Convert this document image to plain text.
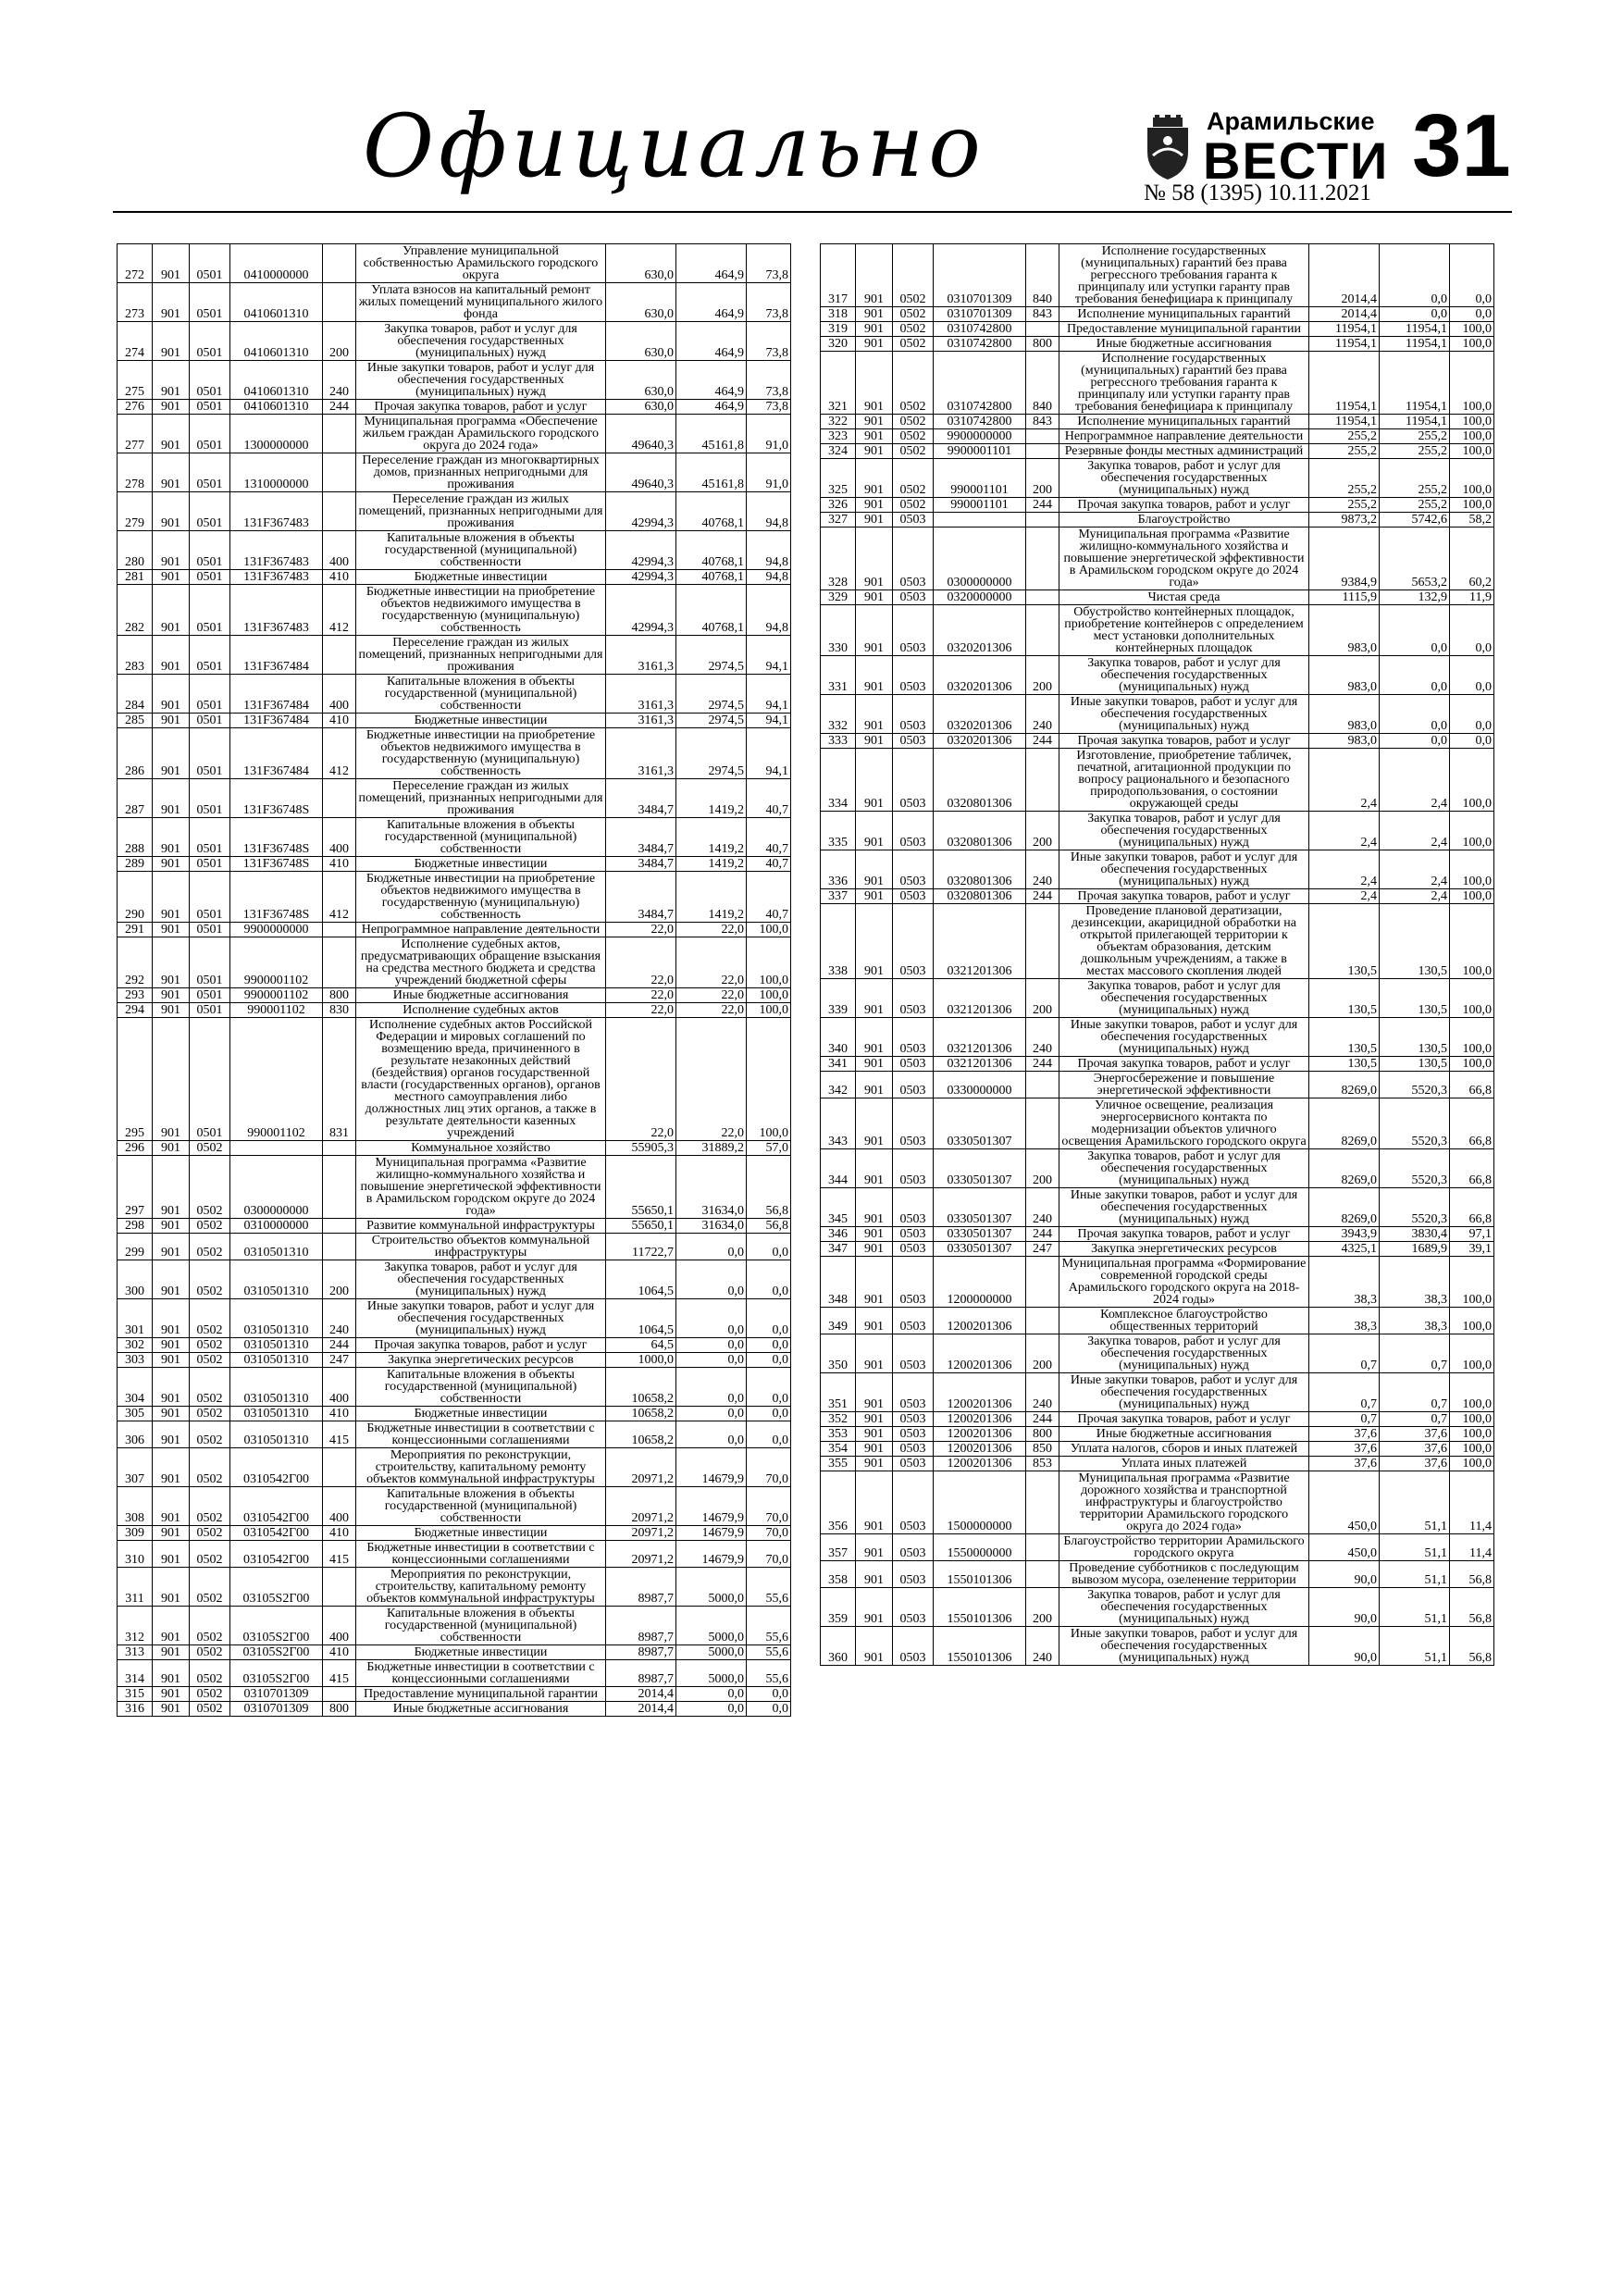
Официально	Арамильские
ВЕСТИ
№ 58 (1395) 10.11.2021 31
272	901	0501	0410000000		Управление муниципальной собственностью Арамильского городского округа	630,0	464,9	73,8
273	901	0501	0410601310		Уплата взносов на капитальный ремонт жилых помещений муниципального жилого фонда	630,0	464,9	73,8
274	901	0501	0410601310	200	Закупка товаров, работ и услуг для обеспечения государственных (муниципальных) нужд	630,0	464,9	73,8
275	901	0501	0410601310	240	Иные закупки товаров, работ и услуг для обеспечения государственных (муниципальных) нужд	630,0	464,9	73,8
276	901	0501	0410601310	244	Прочая закупка товаров, работ и услуг	630,0	464,9	73,8
277	901	0501	1300000000		Муниципальная программа «Обеспечение жильем граждан Арамильского городского округа до 2024 года»	49640,3	45161,8	91,0
278	901	0501	1310000000		Переселение граждан из многоквартирных домов, признанных непригодными для проживания	49640,3	45161,8	91,0
279	901	0501	131F367483		Переселение граждан из жилых помещений, признанных непригодными для проживания	42994,3	40768,1	94,8
280	901	0501	131F367483	400	Капитальные вложения в объекты государственной (муниципальной) собственности	42994,3	40768,1	94,8
281	901	0501	131F367483	410	Бюджетные инвестиции	42994,3	40768,1	94,8
282	901	0501	131F367483	412	Бюджетные инвестиции на приобретение объектов недвижимого имущества в государственную (муниципальную) собственность	42994,3	40768,1	94,8
283	901	0501	131F367484		Переселение граждан из жилых помещений, признанных непригодными для проживания	3161,3	2974,5	94,1
284	901	0501	131F367484	400	Капитальные вложения в объекты государственной (муниципальной) собственности	3161,3	2974,5	94,1
285	901	0501	131F367484	410	Бюджетные инвестиции	3161,3	2974,5	94,1
286	901	0501	131F367484	412	Бюджетные инвестиции на приобретение объектов недвижимого имущества в государственную (муниципальную) собственность	3161,3	2974,5	94,1
287	901	0501	131F36748S		Переселение граждан из жилых помещений, признанных непригодными для проживания	3484,7	1419,2	40,7
288	901	0501	131F36748S	400	Капитальные вложения в объекты государственной (муниципальной) собственности	3484,7	1419,2	40,7
289	901	0501	131F36748S	410	Бюджетные инвестиции	3484,7	1419,2	40,7
290	901	0501	131F36748S	412	Бюджетные инвестиции на приобретение объектов недвижимого имущества в государственную (муниципальную) собственность	3484,7	1419,2	40,7
291	901	0501	9900000000		Непрограммное направление деятельности	22,0	22,0	100,0
292	901	0501	9900001102		Исполнение судебных актов, предусматривающих обращение взыскания на средства местного бюджета и средства учреждений бюджетной сферы	22,0	22,0	100,0
293	901	0501	9900001102	800	Иные бюджетные ассигнования	22,0	22,0	100,0
294	901	0501	990001102	830	Исполнение судебных актов	22,0	22,0	100,0
295	901	0501	990001102	831	Исполнение судебных актов Российской Федерации и мировых соглашений по возмещению вреда, причиненного в результате незаконных действий (бездействия) органов государственной власти (государственных органов), органов местного самоуправления либо должностных лиц этих органов, а также в результате деятельности казенных учреждений	22,0	22,0	100,0
296	901	0502			Коммунальное хозяйство	55905,3	31889,2	57,0
297	901	0502	0300000000		Муниципальная программа «Развитие жилищно-коммунального хозяйства и повышение энергетической эффективности в Арамильском городском округе до 2024 года»	55650,1	31634,0	56,8
298	901	0502	0310000000		Развитие коммунальной инфраструктуры	55650,1	31634,0	56,8
299	901	0502	0310501310		Строительство объектов коммунальной инфраструктуры	11722,7	0,0	0,0
300	901	0502	0310501310	200	Закупка товаров, работ и услуг для обеспечения государственных (муниципальных) нужд	1064,5	0,0	0,0
301	901	0502	0310501310	240	Иные закупки товаров, работ и услуг для обеспечения государственных (муниципальных) нужд	1064,5	0,0	0,0
302	901	0502	0310501310	244	Прочая закупка товаров, работ и услуг	64,5	0,0	0,0
303	901	0502	0310501310	247	Закупка энергетических ресурсов	1000,0	0,0	0,0
304	901	0502	0310501310	400	Капитальные вложения в объекты государственной (муниципальной) собственности	10658,2	0,0	0,0
305	901	0502	0310501310	410	Бюджетные инвестиции	10658,2	0,0	0,0
306	901	0502	0310501310	415	Бюджетные инвестиции в соответствии с концессионными соглашениями	10658,2	0,0	0,0
307	901	0502	0310542Г00		Мероприятия по реконструкции, строительству, капитальному ремонту объектов коммунальной инфраструктуры	20971,2	14679,9	70,0
308	901	0502	0310542Г00	400	Капитальные вложения в объекты государственной (муниципальной) собственности	20971,2	14679,9	70,0
309	901	0502	0310542Г00	410	Бюджетные инвестиции	20971,2	14679,9	70,0
310	901	0502	0310542Г00	415	Бюджетные инвестиции в соответствии с концессионными соглашениями	20971,2	14679,9	70,0
311	901	0502	03105S2Г00		Мероприятия по реконструкции, строительству, капитальному ремонту объектов коммунальной инфраструктуры	8987,7	5000,0	55,6
312	901	0502	03105S2Г00	400	Капитальные вложения в объекты государственной (муниципальной) собственности	8987,7	5000,0	55,6
313	901	0502	03105S2Г00	410	Бюджетные инвестиции	8987,7	5000,0	55,6
314	901	0502	03105S2Г00	415	Бюджетные инвестиции в соответствии с концессионными соглашениями	8987,7	5000,0	55,6
315	901	0502	0310701309		Предоставление муниципальной гарантии	2014,4	0,0	0,0
316	901	0502	0310701309	800	Иные бюджетные ассигнования	2014,4	0,0	0,0
317	901	0502	0310701309	840	Исполнение государственных (муниципальных) гарантий без права регрессного требования гаранта к принципалу или уступки гаранту прав требования бенефициара к принципалу	2014,4	0,0	0,0
318	901	0502	0310701309	843	Исполнение муниципальных гарантий	2014,4	0,0	0,0
319	901	0502	0310742800		Предоставление муниципальной гарантии	11954,1	11954,1	100,0
320	901	0502	0310742800	800	Иные бюджетные ассигнования	11954,1	11954,1	100,0
321	901	0502	0310742800	840	Исполнение государственных (муниципальных) гарантий без права регрессного требования гаранта к принципалу или уступки гаранту прав требования бенефициара к принципалу	11954,1	11954,1	100,0
322	901	0502	0310742800	843	Исполнение муниципальных гарантий	11954,1	11954,1	100,0
323	901	0502	9900000000		Непрограммное направление деятельности	255,2	255,2	100,0
324	901	0502	9900001101		Резервные фонды местных администраций	255,2	255,2	100,0
325	901	0502	990001101	200	Закупка товаров, работ и услуг для обеспечения государственных (муниципальных) нужд	255,2	255,2	100,0
326	901	0502	990001101	244	Прочая закупка товаров, работ и услуг	255,2	255,2	100,0
327	901	0503			Благоустройство	9873,2	5742,6	58,2
328	901	0503	0300000000		Муниципальная программа «Развитие жилищно-коммунального хозяйства и повышение энергетической эффективности в Арамильском городском округе до 2024 года»	9384,9	5653,2	60,2
329	901	0503	0320000000		Чистая среда	1115,9	132,9	11,9
330	901	0503	0320201306		Обустройство контейнерных площадок, приобретение контейнеров с определением мест установки дополнительных контейнерных площадок	983,0	0,0	0,0
331	901	0503	0320201306	200	Закупка товаров, работ и услуг для обеспечения государственных (муниципальных) нужд	983,0	0,0	0,0
332	901	0503	0320201306	240	Иные закупки товаров, работ и услуг для обеспечения государственных (муниципальных) нужд	983,0	0,0	0,0
333	901	0503	0320201306	244	Прочая закупка товаров, работ и услуг	983,0	0,0	0,0
334	901	0503	0320801306		Изготовление, приобретение табличек, печатной, агитационной продукции по вопросу рационального и безопасного природопользования, о состоянии окружающей среды	2,4	2,4	100,0
335	901	0503	0320801306	200	Закупка товаров, работ и услуг для обеспечения государственных (муниципальных) нужд	2,4	2,4	100,0
336	901	0503	0320801306	240	Иные закупки товаров, работ и услуг для обеспечения государственных (муниципальных) нужд	2,4	2,4	100,0
337	901	0503	0320801306	244	Прочая закупка товаров, работ и услуг	2,4	2,4	100,0
338	901	0503	0321201306		Проведение плановой дератизации, дезинсекции, акарицидной обработки на открытой прилегающей территории к объектам образования, детским дошкольным учреждениям, а также в местах массового скопления людей	130,5	130,5	100,0
339	901	0503	0321201306	200	Закупка товаров, работ и услуг для обеспечения государственных (муниципальных) нужд	130,5	130,5	100,0
340	901	0503	0321201306	240	Иные закупки товаров, работ и услуг для обеспечения государственных (муниципальных) нужд	130,5	130,5	100,0
341	901	0503	0321201306	244	Прочая закупка товаров, работ и услуг	130,5	130,5	100,0
342	901	0503	0330000000		Энергосбережение и повышение энергетической эффективности	8269,0	5520,3	66,8
343	901	0503	0330501307		Уличное освещение, реализация энергосервисного контакта по модернизации объектов уличного освещения Арамильского городского округа	8269,0	5520,3	66,8
344	901	0503	0330501307	200	Закупка товаров, работ и услуг для обеспечения государственных (муниципальных) нужд	8269,0	5520,3	66,8
345	901	0503	0330501307	240	Иные закупки товаров, работ и услуг для обеспечения государственных (муниципальных) нужд	8269,0	5520,3	66,8
346	901	0503	0330501307	244	Прочая закупка товаров, работ и услуг	3943,9	3830,4	97,1
347	901	0503	0330501307	247	Закупка энергетических ресурсов	4325,1	1689,9	39,1
348	901	0503	1200000000		Муниципальная программа «Формирование современной городской среды Арамильского городского округа на 2018-2024 годы»	38,3	38,3	100,0
349	901	0503	1200201306		Комплексное благоустройство общественных территорий	38,3	38,3	100,0
350	901	0503	1200201306	200	Закупка товаров, работ и услуг для обеспечения государственных (муниципальных) нужд	0,7	0,7	100,0
351	901	0503	1200201306	240	Иные закупки товаров, работ и услуг для обеспечения государственных (муниципальных) нужд	0,7	0,7	100,0
352	901	0503	1200201306	244	Прочая закупка товаров, работ и услуг	0,7	0,7	100,0
353	901	0503	1200201306	800	Иные бюджетные ассигнования	37,6	37,6	100,0
354	901	0503	1200201306	850	Уплата налогов, сборов и иных платежей	37,6	37,6	100,0
355	901	0503	1200201306	853	Уплата иных платежей	37,6	37,6	100,0
356	901	0503	1500000000		Муниципальная программа «Развитие дорожного хозяйства и транспортной инфраструктуры и благоустройство территории Арамильского городского округа до 2024 года»	450,0	51,1	11,4
357	901	0503	1550000000		Благоустройство территории Арамильского городского округа	450,0	51,1	11,4
358	901	0503	1550101306		Проведение субботников с последующим вывозом мусора, озеленение территории	90,0	51,1	56,8
359	901	0503	1550101306	200	Закупка товаров, работ и услуг для обеспечения государственных (муниципальных) нужд	90,0	51,1	56,8
360	901	0503	1550101306	240	Иные закупки товаров, работ и услуг для обеспечения государственных (муниципальных) нужд	90,0	51,1	56,8
